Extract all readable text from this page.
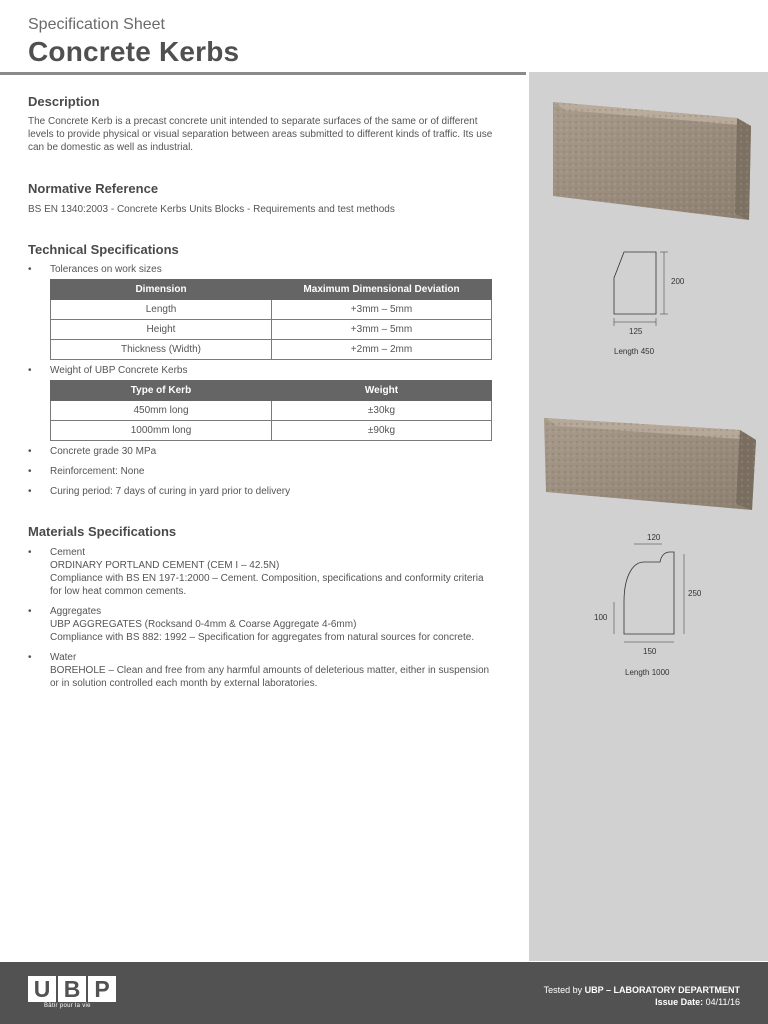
Specification Sheet
Concrete Kerbs
200
125
Length 450
120
250
100
150
Length 1000
Description

The Concrete Kerb is a precast concrete unit intended to separate surfaces of the same or of different levels to provide physical or visual separation between areas submitted to different kinds of traffic. Its use can be domestic as well as industrial.

Normative Reference

BS EN 1340:2003 - Concrete Kerbs Units Blocks - Requirements and test methods

Technical Specifications
• Tolerances on work sizes
Dimension	Maximum Dimensional Deviation
Length	+3mm – 5mm
Height	+3mm – 5mm
Thickness (Width)	+2mm – 2mm
• Weight of UBP Concrete Kerbs
Type of Kerb	Weight
450mm long	±30kg
1000mm long	±90kg
• Concrete grade 30 MPa
• Reinforcement: None
• Curing period: 7 days of curing in yard prior to delivery
Materials Specifications
• Cement
ORDINARY PORTLAND CEMENT (CEM I – 42.5N)
Compliance with BS EN 197-1:2000 – Cement. Composition, specifications and conformity criteria for low heat common cements.
• Aggregates
UBP AGGREGATES (Rocksand 0-4mm & Coarse Aggregate 4-6mm)
Compliance with BS 882: 1992 – Specification for aggregates from natural sources for concrete.
• Water
BOREHOLE – Clean and free from any harmful amounts of deleterious matter, either in suspension or in solution controlled each month by external laboratories.
U B P
Bâtir pour la vie
Tested by UBP – LABORATORY DEPARTMENT
Issue Date: 04/11/16
